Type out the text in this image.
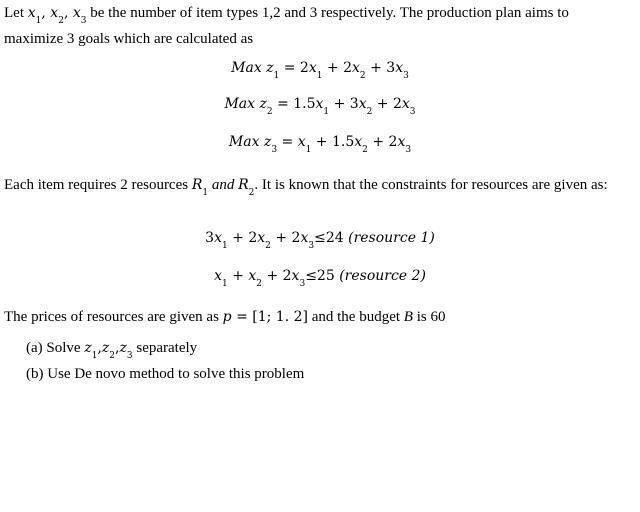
Let $x_1$, $x_2$, $x_3$ be the number of item types 1,2 and 3 respectively. The production plan aims to maximize 3 goals which are calculated as
Max $z_1 = 2x_1 + 2x_2 + 3x_3$
Max $z_2 = 1.5x_1 + 3x_2 + 2x_3$
Max $z_3 = x_1 + 1.5x_2 + 2x_3$
Each item requires 2 resources $R_1$ and $R_2$. It is known that the constraints for resources are given as:
$3x_1 + 2x_2 + 2x_3\le 24$ (resource 1)
$x_1 + x_2 + 2x_3\le 25$ (resource 2)
The prices of resources are given as p = [1; 1. 2] and the budget B is 60
(a) Solve $z_1,z_2,z_3$ separately
(b) Use De novo method to solve this problem
